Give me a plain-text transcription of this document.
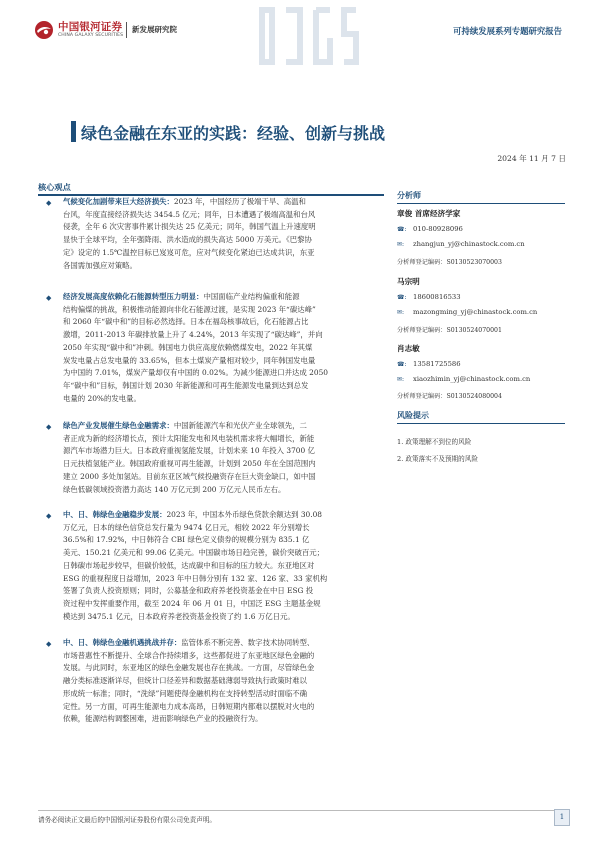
中国银河证券
CHINA GALAXY SECURITIES
新发展研究院	可持续发展系列专题研究报告
绿色金融在东亚的实践：经验、创新与挑战
2024 年 11 月 7 日
核心观点
◆ 气候变化加剧带来巨大经济损失：2023 年，中国经历了极端干旱、高温和
台风，年度直接经济损失达 3454.5 亿元；同年，日本遭遇了极端高温和台风
侵袭，全年 6 次灾害事件累计损失达 25 亿美元；同年，韩国气温上升速度明
显快于全球平均，全年强降雨、洪水造成的损失高达 5000 万美元。《巴黎协
定》设定的 1.5℃温控目标已岌岌可危，应对气候变化紧迫已达成共识，东亚
各国需加强应对策略。
◆ 经济发展高度依赖化石能源转型压力明显：中国面临产业结构偏重和能源
结构偏煤的挑战，积极推动能源向非化石能源过渡，是实现 2023 年“碳达峰”
和 2060 年“碳中和”的目标必然选择。日本在福岛核事故后，化石能源占比
激增，2011-2013 年碳排放量上升了 4.24%，2013 年实现了“碳达峰”，并向
2050 年实现“碳中和”冲刺。韩国电力供应高度依赖燃煤发电，2022 年其煤
炭发电量占总发电量的 33.65%，但本土煤炭产量相对较少，同年韩国发电量
为中国的 7.01%，煤炭产量却仅有中国的 0.02%。为减少能源进口并达成 2050
年“碳中和”目标，韩国计划 2030 年新能源和可再生能源发电量到达到总发
电量的 20%的发电量。
◆ 绿色产业发展催生绿色金融需求：中国新能源汽车和光伏产业全球领先，二
者正成为新的经济增长点，预计太阳能发电和风电装机需求将大幅增长，新能
源汽车市场潜力巨大。日本政府重视氢能发展，计划未来 10 年投入 3700 亿
日元扶植氢能产业。韩国政府重视可再生能源，计划到 2050 年在全国范围内
建立 2000 多处加氢站。目前东亚区域气候投融资存在巨大资金缺口，如中国
绿色低碳领域投资潜力高达 140 万亿元到 200 万亿元人民币左右。
◆ 中、日、韩绿色金融稳步发展：2023 年，中国本外币绿色贷款余额达到 30.08
万亿元，日本的绿色信贷总发行量为 9474 亿日元，相较 2022 年分别增长
36.5%和 17.92%，中日韩符合 CBI 绿色定义债券的规模分别为 835.1 亿
美元、150.21 亿美元和 99.06 亿美元。中国碳市场日趋完善，碳价突破百元；
日韩碳市场起步较早，但碳价较低，达成碳中和目标的压力较大。东亚地区对
ESG 的重视程度日益增加，2023 年中日韩分别有 132 家、126 家、33 家机构
签署了负责人投资原则；同时，公募基金和政府养老投资基金在中日 ESG 投
资过程中发挥重要作用，截至 2024 年 06 月 01 日，中国泛 ESG 主题基金规
模达到 3475.1 亿元，日本政府养老投资基金投资了约 1.6 万亿日元。
◆ 中、日、韩绿色金融机遇挑战并存：监管体系不断完善、数字技术协同转型、
市场普惠性不断提升、全球合作持续增多，这些都促进了东亚地区绿色金融的
发展。与此同时，东亚地区的绿色金融发展也存在挑战。一方面，尽管绿色金
融分类标准逐渐详尽，但统计口径差异和数据基础薄弱导致执行政策时难以
形成统一标准；同时，“洗绿”问题使得金融机构在支持转型活动时面临不确
定性。另一方面，可再生能源电力成本高昂，日韩短期内都难以摆脱对火电的
依赖，能源结构调整困难，进而影响绿色产业的投融资行为。
分析师
章俊 首席经济学家
☎: 010-80928096
✉: zhangjun_yj@chinastock.com.cn
分析师登记编码：S0130523070003
马宗明
☎: 18600816533
✉: mazongming_yj@chinastock.com.cn
分析师登记编码：S0130524070001
肖志敏
☎: 13581725586
✉: xiaozhimin_yj@chinastock.com.cn
分析师登记编码：S0130524080004
风险提示
1. 政策理解不到位的风险
2. 政策落实不及预期的风险
请务必阅读正文最后的中国银河证券股份有限公司免责声明。	1
